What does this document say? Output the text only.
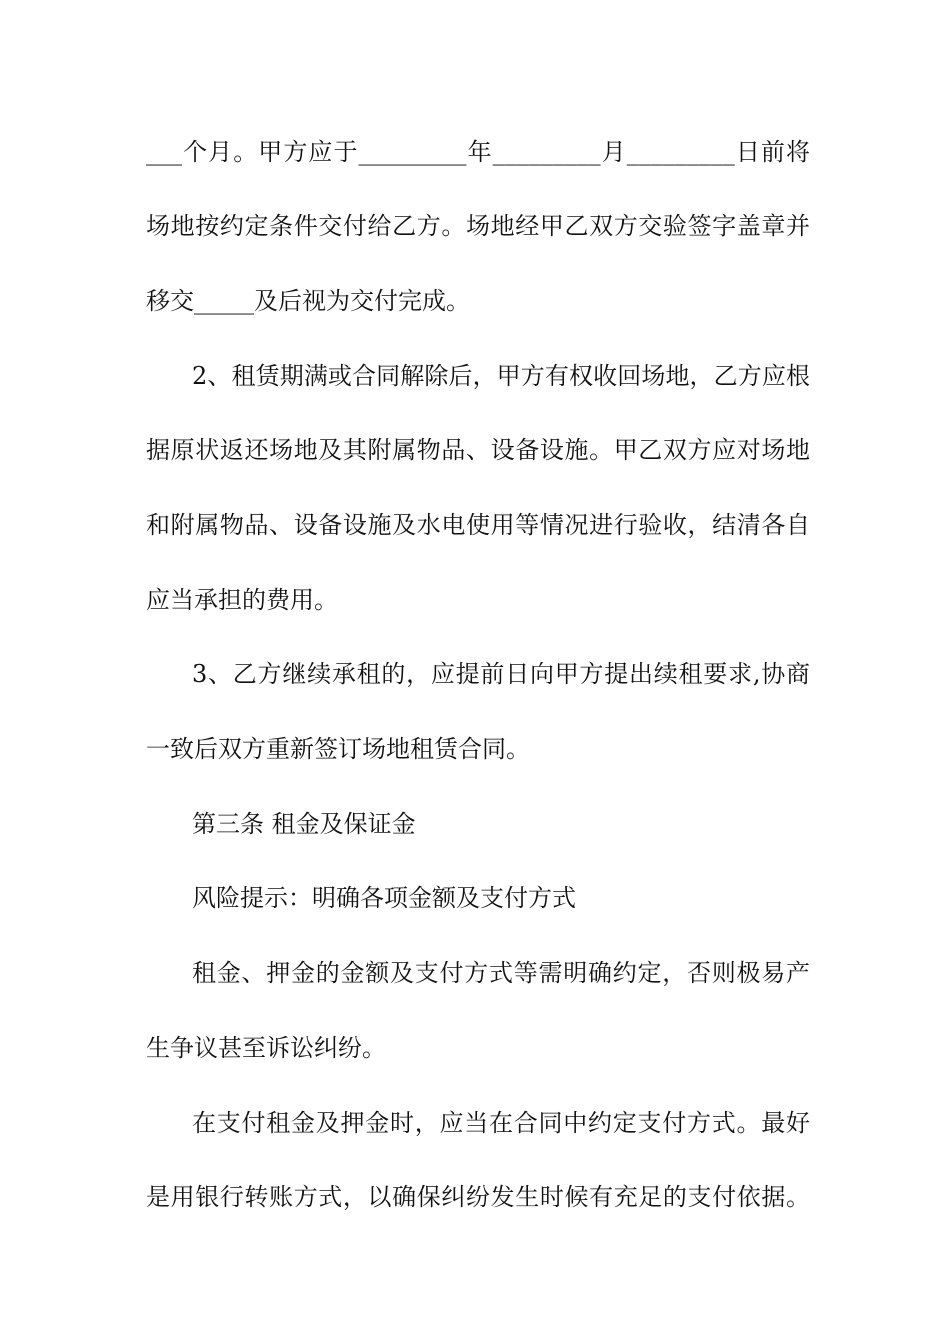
___个月。甲方应于_________年_________月_________日前将
场地按约定条件交付给乙方。场地经甲乙双方交验签字盖章并
移交_____及后视为交付完成。
2、租赁期满或合同解除后，甲方有权收回场地，乙方应根
据原状返还场地及其附属物品、设备设施。甲乙双方应对场地
和附属物品、设备设施及水电使用等情况进行验收，结清各自
应当承担的费用。
3、乙方继续承租的，应提前日向甲方提出续租要求,协商
一致后双方重新签订场地租赁合同。
第三条 租金及保证金
风险提示：明确各项金额及支付方式
租金、押金的金额及支付方式等需明确约定，否则极易产
生争议甚至诉讼纠纷。
在支付租金及押金时，应当在合同中约定支付方式。最好
是用银行转账方式，以确保纠纷发生时候有充足的支付依据。
